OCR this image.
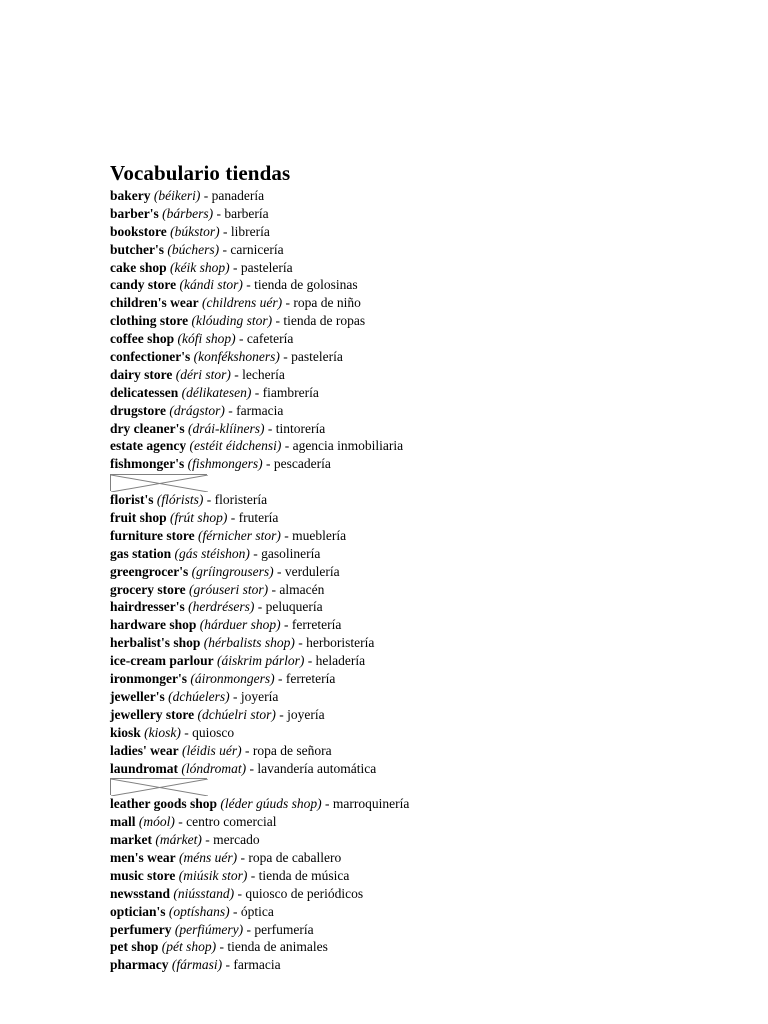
Vocabulario tiendas
bakery (béikeri) - panadería
barber's (bárbers) - barbería
bookstore (búkstor) - librería
butcher's (búchers) - carnicería
cake shop (kéik shop) - pastelería
candy store (kándi stor) - tienda de golosinas
children's wear (childrens uér) - ropa de niño
clothing store (klóuding stor) - tienda de ropas
coffee shop (kófi shop) - cafetería
confectioner's (konfékshoners) - pastelería
dairy store (déri stor) - lechería
delicatessen (délikatesen) - fiambrería
drugstore (drágstor) - farmacia
dry cleaner's (drái-klíiners) - tintorería
estate agency (estéit éidchensi) - agencia inmobiliaria
fishmonger's (fishmongers) - pescadería
florist's (flórists) - floristería
fruit shop (frút shop) - frutería
furniture store (férnicher stor) - mueblería
gas station (gás stéishon) - gasolinería
greengrocer's (gríingrousers) - verdulería
grocery store (gróuseri stor) - almacén
hairdresser's (herdrésers) - peluquería
hardware shop (hárduer shop) - ferretería
herbalist's shop (hérbalists shop) - herboristería
ice-cream parlour (áiskrim párlor) - heladería
ironmonger's (áironmongers) - ferretería
jeweller's (dchúelers) - joyería
jewellery store (dchúelri stor) - joyería
kiosk (kiosk) - quiosco
ladies' wear (léidis uér) - ropa de señora
laundromat (lóndromat) - lavandería automática
leather goods shop (léder gúuds shop) - marroquinería
mall (móol) - centro comercial
market (márket) - mercado
men's wear (méns uér) - ropa de caballero
music store (miúsik stor) - tienda de música
newsstand (niússtand) - quiosco de periódicos
optician's (optíshans) - óptica
perfumery (perfiúmery) - perfumería
pet shop (pét shop) - tienda de animales
pharmacy (fármasi) - farmacia
